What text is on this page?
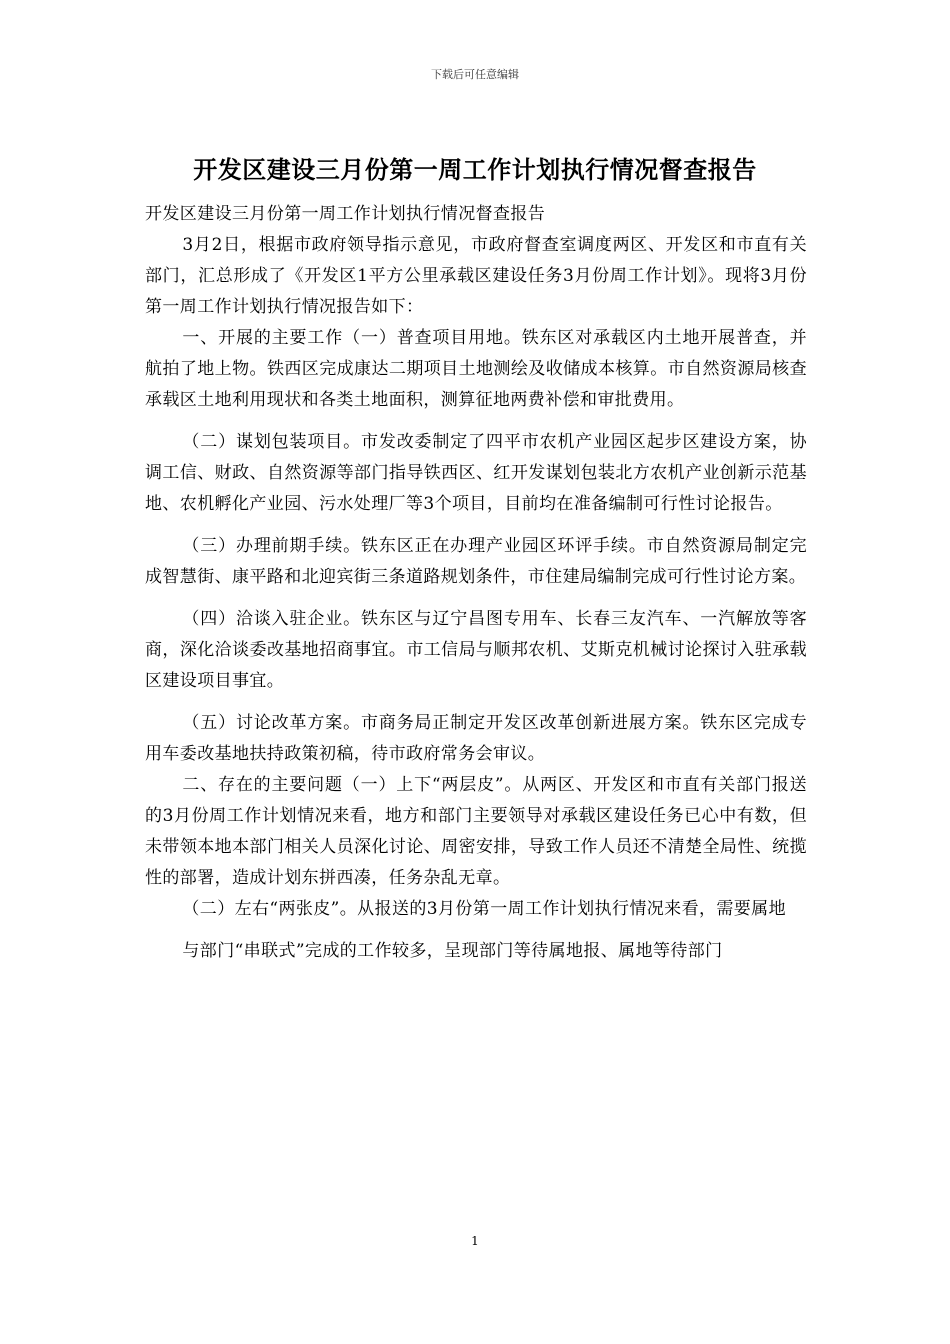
下载后可任意编辑
开发区建设三月份第一周工作计划执行情况督查报告

开发区建设三月份第一周工作计划执行情况督查报告

3月2日，根据市政府领导指示意见，市政府督查室调度两区、开发区和市直有关部门，汇总形成了《开发区1平方公里承载区建设任务3月份周工作计划》。现将3月份第一周工作计划执行情况报告如下：

一、开展的主要工作（一）普查项目用地。铁东区对承载区内土地开展普查，并航拍了地上物。铁西区完成康达二期项目土地测绘及收储成本核算。市自然资源局核查承载区土地利用现状和各类土地面积，测算征地两费补偿和审批费用。

（二）谋划包装项目。市发改委制定了四平市农机产业园区起步区建设方案，协调工信、财政、自然资源等部门指导铁西区、红开发谋划包装北方农机产业创新示范基地、农机孵化产业园、污水处理厂等3个项目，目前均在准备编制可行性讨论报告。

（三）办理前期手续。铁东区正在办理产业园区环评手续。市自然资源局制定完成智慧街、康平路和北迎宾街三条道路规划条件，市住建局编制完成可行性讨论方案。

（四）洽谈入驻企业。铁东区与辽宁昌图专用车、长春三友汽车、一汽解放等客商，深化洽谈委改基地招商事宜。市工信局与顺邦农机、艾斯克机械讨论探讨入驻承载区建设项目事宜。

（五）讨论改革方案。市商务局正制定开发区改革创新进展方案。铁东区完成专用车委改基地扶持政策初稿，待市政府常务会审议。

二、存在的主要问题（一）上下“两层皮”。从两区、开发区和市直有关部门报送的3月份周工作计划情况来看，地方和部门主要领导对承载区建设任务已心中有数，但未带领本地本部门相关人员深化讨论、周密安排，导致工作人员还不清楚全局性、统揽性的部署，造成计划东拼西凑，任务杂乱无章。

（二）左右“两张皮”。从报送的3月份第一周工作计划执行情况来看，需要属地

与部门“串联式”完成的工作较多，呈现部门等待属地报、属地等待部门

1
